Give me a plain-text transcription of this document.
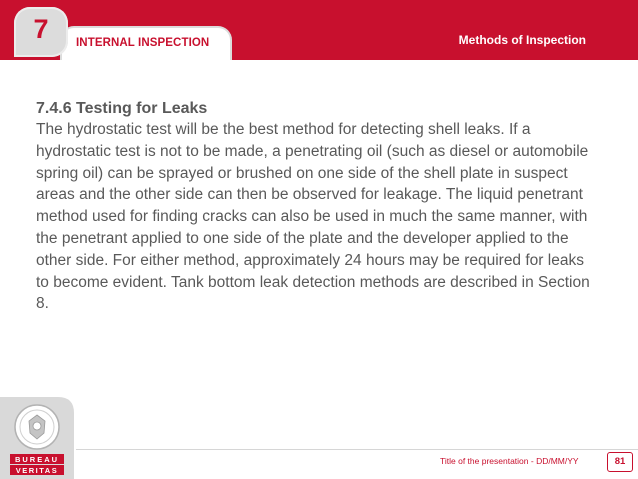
INTERNAL INSPECTION
7	Methods of Inspection
7.4.6 Testing for Leaks
The hydrostatic test will be the best method for detecting shell leaks. If a hydrostatic test is not to be made, a penetrating oil (such as diesel or automobile spring oil) can be sprayed or brushed on one side of the shell plate in suspect areas and the other side can then be observed for leakage. The liquid penetrant method used for finding cracks can also be used in much the same manner, with the penetrant applied to one side of the plate and the developer applied to the other side. For either method, approximately 24 hours may be required for leaks to become evident. Tank bottom leak detection methods are described in Section 8.
BUREAU
VERITAS
Title of the presentation - DD/MM/YY	81
